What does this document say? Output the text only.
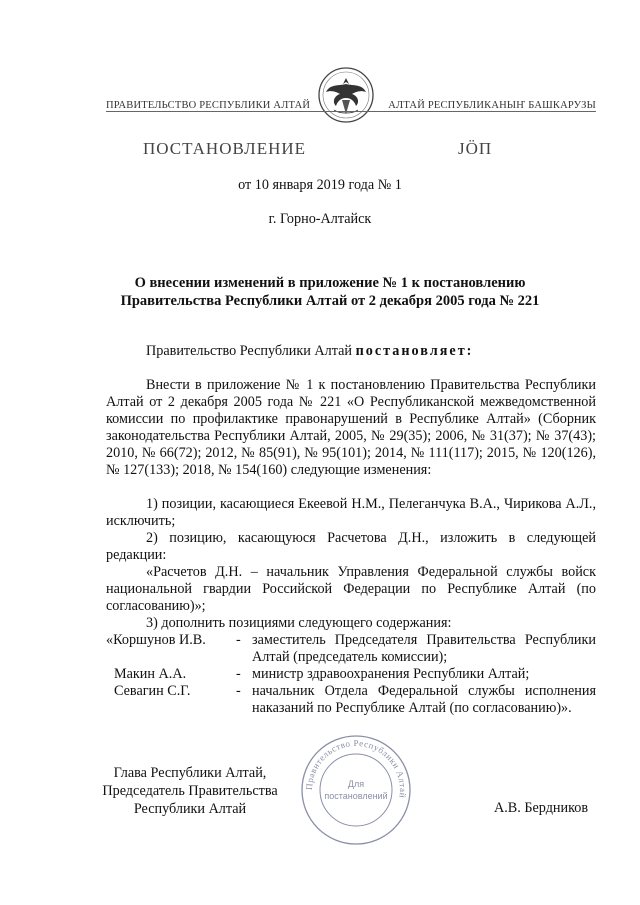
ПРАВИТЕЛЬСТВО РЕСПУБЛИКИ АЛТАЙ	АЛТАЙ РЕСПУБЛИКАНЫҤ БАШКАРУЗЫ
ПОСТАНОВЛЕНИЕ	ЈӦП
от 10 января 2019 года № 1
г. Горно-Алтайск
О внесении изменений в приложение № 1 к постановлению
Правительства Республики Алтай от 2 декабря 2005 года № 221
Правительство Республики Алтай постановляет:
Внести в приложение № 1 к постановлению Правительства Республики Алтай от 2 декабря 2005 года № 221 «О Республиканской межведомственной комиссии по профилактике правонарушений в Республике Алтай» (Сборник законодательства Республики Алтай, 2005, № 29(35); 2006, № 31(37); № 37(43); 2010, № 66(72); 2012, № 85(91), № 95(101); 2014, № 111(117); 2015, № 120(126), № 127(133); 2018, № 154(160) следующие изменения:
1) позиции, касающиеся Екеевой Н.М., Пелеганчука В.А., Чирикова А.Л., исключить;
2) позицию, касающуюся Расчетова Д.Н., изложить в следующей редакции:
«Расчетов Д.Н. – начальник Управления Федеральной службы войск национальной гвардии Российской Федерации по Республике Алтай (по согласованию)»;
3) дополнить позициями следующего содержания:
«Коршунов И.В. - заместитель Председателя Правительства Республики Алтай (председатель комиссии);
Макин А.А.	- министр здравоохранения Республики Алтай;
Севагин С.Г.	- начальник Отдела Федеральной службы исполнения наказаний по Республике Алтай (по согласованию)».
Глава Республики Алтай,
Председатель Правительства
Республики Алтай	А.В. Бердников
Правительство Республики Алтай
Для
постановлений
